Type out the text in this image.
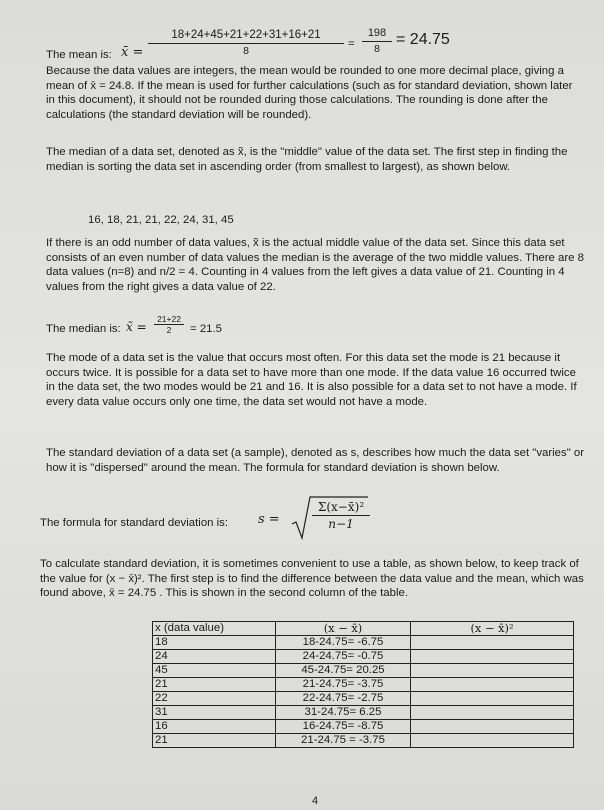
The mean is: x̄ = $\frac{18+24+45+21+22+31+16+21}{8} = \frac{198}{8} = 24.75$

Because the data values are integers, the mean would be rounded to one more decimal place, giving a mean of x̄ = 24.8. If the mean is used for further calculations (such as for standard deviation, shown later in this document), it should not be rounded during those calculations. The rounding is done after the calculations (the standard deviation will be rounded).

The median of a data set, denoted as x̃, is the "middle" value of the data set. The first step in finding the median is sorting the data set in ascending order (from smallest to largest), as shown below.

16, 18, 21, 21, 22, 24, 31, 45

If there is an odd number of data values, x̃ is the actual middle value of the data set. Since this data set consists of an even number of data values the median is the average of the two middle values. There are 8 data values (n=8) and n/2 = 4. Counting in 4 values from the left gives a data value of 21. Counting in 4 values from the right gives a data value of 22.

The median is: x̃ = $\frac{21+22}{2} = 21.5$

The mode of a data set is the value that occurs most often. For this data set the mode is 21 because it occurs twice. It is possible for a data set to have more than one mode. If the data value 16 occurred twice in the data set, the two modes would be 21 and 16. It is also possible for a data set to not have a mode. If every data value occurs only one time, the data set would not have a mode.

The standard deviation of a data set (a sample), denoted as s, describes how much the data set "varies" or how it is "dispersed" around the mean. The formula for standard deviation is shown below.

The formula for standard deviation is: s =	$\frac{\text{Σ(x−x̄)²}}{n-1}$

To calculate standard deviation, it is sometimes convenient to use a table, as shown below, to keep track of the value for (x − x̄)². The first step is to find the difference between the data value and the mean, which was found above, x̄ = 24.75 . This is shown in the second column of the table.

x (data value)	(x − x̄)	(x − x̄)²
18	18-24.75= -6.75	
24	24-24.75= -0.75	
45	45-24.75= 20.25	
21	21-24.75= -3.75	
22	22-24.75= -2.75	
31	31-24.75= 6.25	
16	16-24.75= -8.75	
21	21-24.75 = -3.75	
4
